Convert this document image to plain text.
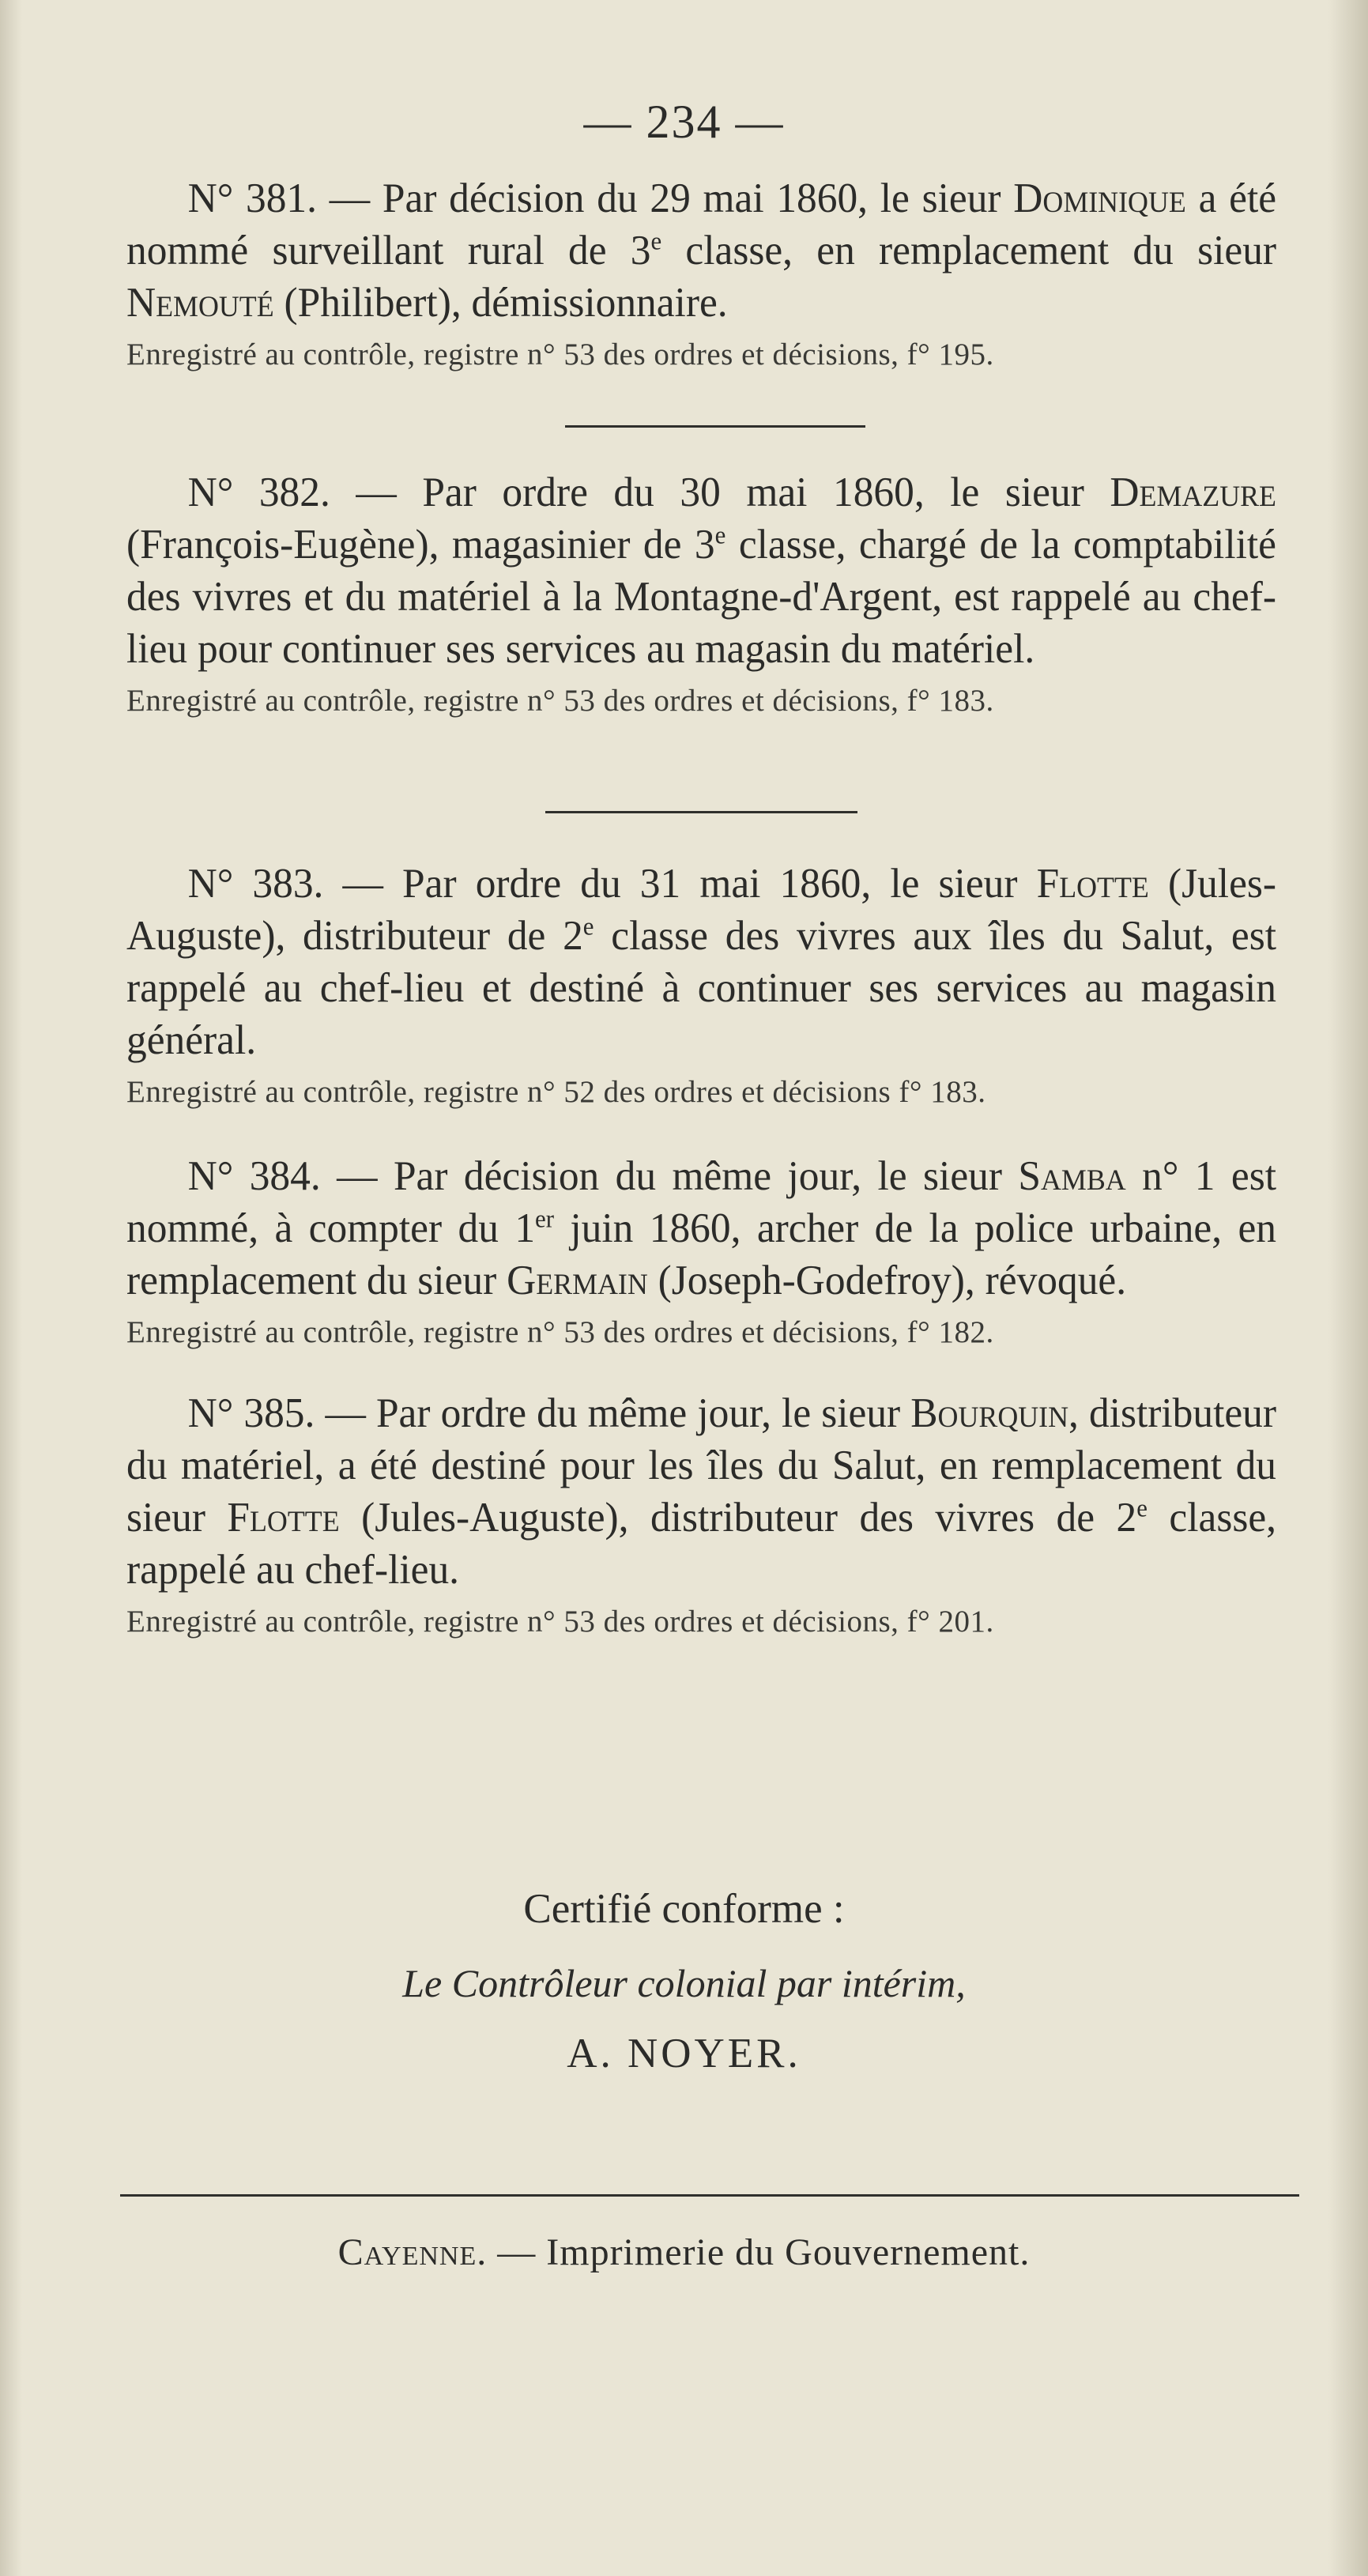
— 234 —

N° 381. — Par décision du 29 mai 1860, le sieur Dominique a été nommé surveillant rural de 3e classe, en remplacement du sieur Nemouté (Philibert), démissionnaire.

Enregistré au contrôle, registre n° 53 des ordres et décisions, f° 195.

N° 382. — Par ordre du 30 mai 1860, le sieur Demazure (François-Eugène), magasinier de 3e classe, chargé de la comptabilité des vivres et du matériel à la Montagne-d'Argent, est rappelé au chef-lieu pour continuer ses services au magasin du matériel.

Enregistré au contrôle, registre n° 53 des ordres et décisions, f° 183.

N° 383. — Par ordre du 31 mai 1860, le sieur Flotte (Jules-Auguste), distributeur de 2e classe des vivres aux îles du Salut, est rappelé au chef-lieu et destiné à continuer ses services au magasin général.

Enregistré au contrôle, registre n° 52 des ordres et décisions f° 183.

N° 384. — Par décision du même jour, le sieur Samba n° 1 est nommé, à compter du 1er juin 1860, archer de la police urbaine, en remplacement du sieur Germain (Joseph-Godefroy), révoqué.

Enregistré au contrôle, registre n° 53 des ordres et décisions, f° 182.

N° 385. — Par ordre du même jour, le sieur Bourquin, distributeur du matériel, a été destiné pour les îles du Salut, en remplacement du sieur Flotte (Jules-Auguste), distributeur des vivres de 2e classe, rappelé au chef-lieu.

Enregistré au contrôle, registre n° 53 des ordres et décisions, f° 201.

Certifié conforme :

Le Contrôleur colonial par intérim,

A. NOYER.

Cayenne. — Imprimerie du Gouvernement.
